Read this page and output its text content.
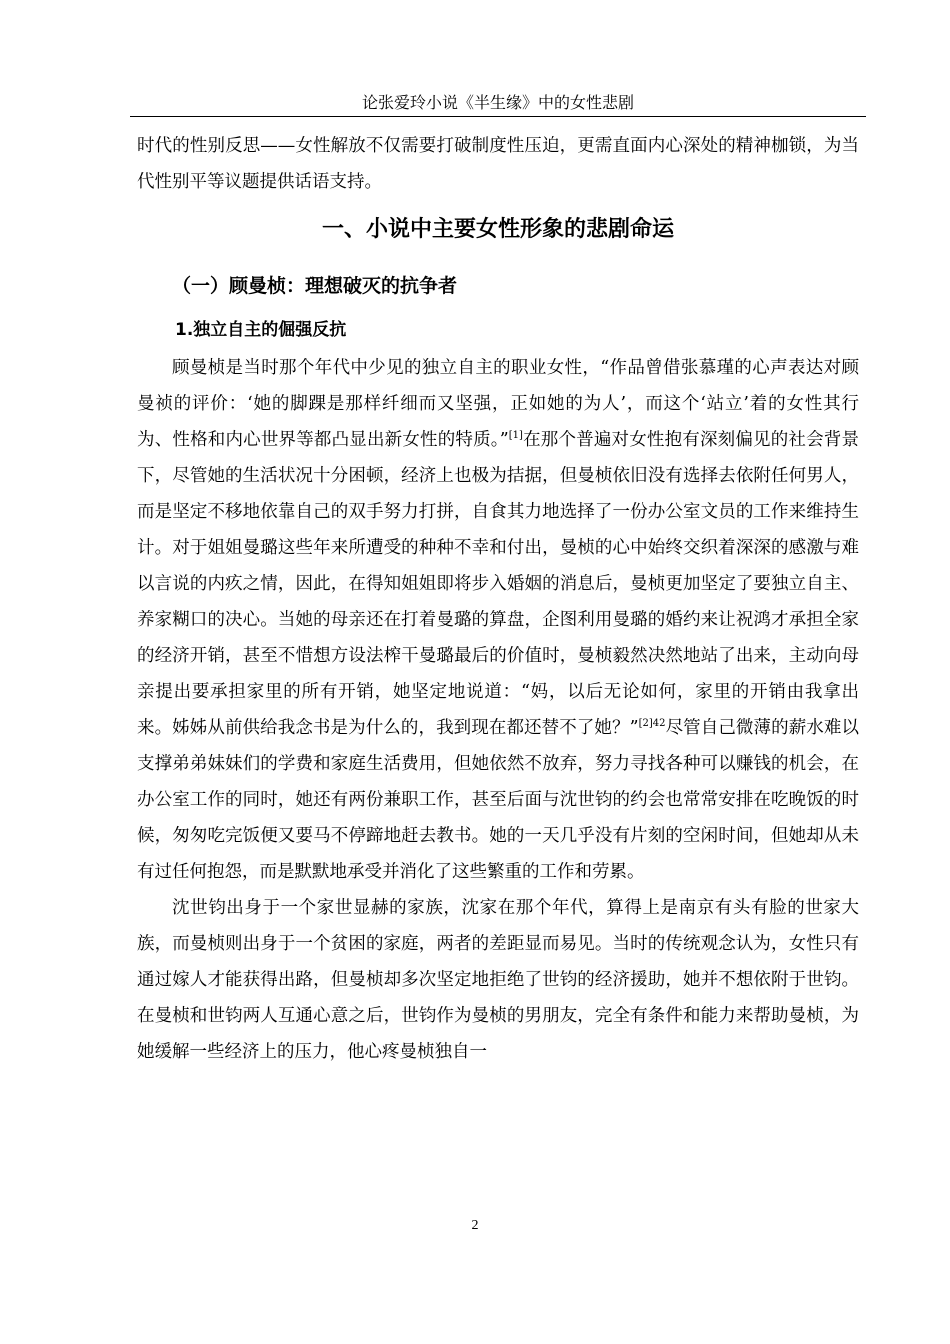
论张爱玲小说《半生缘》中的女性悲剧

时代的性别反思——女性解放不仅需要打破制度性压迫，更需直面内心深处的精神枷锁，为当代性别平等议题提供话语支持。

一、小说中主要女性形象的悲剧命运
（一）顾曼桢：理想破灭的抗争者
1.独立自主的倔强反抗

顾曼桢是当时那个年代中少见的独立自主的职业女性，“作品曾借张慕瑾的心声表达对顾曼祯的评价：‘她的脚踝是那样纤细而又坚强，正如她的为人’，而这个‘站立’着的女性其行为、性格和内心世界等都凸显出新女性的特质。”[1]在那个普遍对女性抱有深刻偏见的社会背景下，尽管她的生活状况十分困顿，经济上也极为拮据，但曼桢依旧没有选择去依附任何男人，而是坚定不移地依靠自己的双手努力打拼，自食其力地选择了一份办公室文员的工作来维持生计。对于姐姐曼璐这些年来所遭受的种种不幸和付出，曼桢的心中始终交织着深深的感激与难以言说的内疚之情，因此，在得知姐姐即将步入婚姻的消息后，曼桢更加坚定了要独立自主、养家糊口的决心。当她的母亲还在打着曼璐的算盘，企图利用曼璐的婚约来让祝鸿才承担全家的经济开销，甚至不惜想方设法榨干曼璐最后的价值时，曼桢毅然决然地站了出来，主动向母亲提出要承担家里的所有开销，她坚定地说道：“妈，以后无论如何，家里的开销由我拿出来。姊姊从前供给我念书是为什么的，我到现在都还替不了她？”$^{[2]42}$尽管自己微薄的薪水难以支撑弟弟妹妹们的学费和家庭生活费用，但她依然不放弃，努力寻找各种可以赚钱的机会，在办公室工作的同时，她还有两份兼职工作，甚至后面与沈世钧的约会也常常安排在吃晚饭的时候，匆匆吃完饭便又要马不停蹄地赶去教书。她的一天几乎没有片刻的空闲时间，但她却从未有过任何抱怨，而是默默地承受并消化了这些繁重的工作和劳累。

沈世钧出身于一个家世显赫的家族，沈家在那个年代，算得上是南京有头有脸的世家大族，而曼桢则出身于一个贫困的家庭，两者的差距显而易见。当时的传统观念认为，女性只有通过嫁人才能获得出路，但曼桢却多次坚定地拒绝了世钧的经济援助，她并不想依附于世钧。在曼桢和世钧两人互通心意之后，世钧作为曼桢的男朋友，完全有条件和能力来帮助曼桢，为她缓解一些经济上的压力，他心疼曼桢独自一

2
